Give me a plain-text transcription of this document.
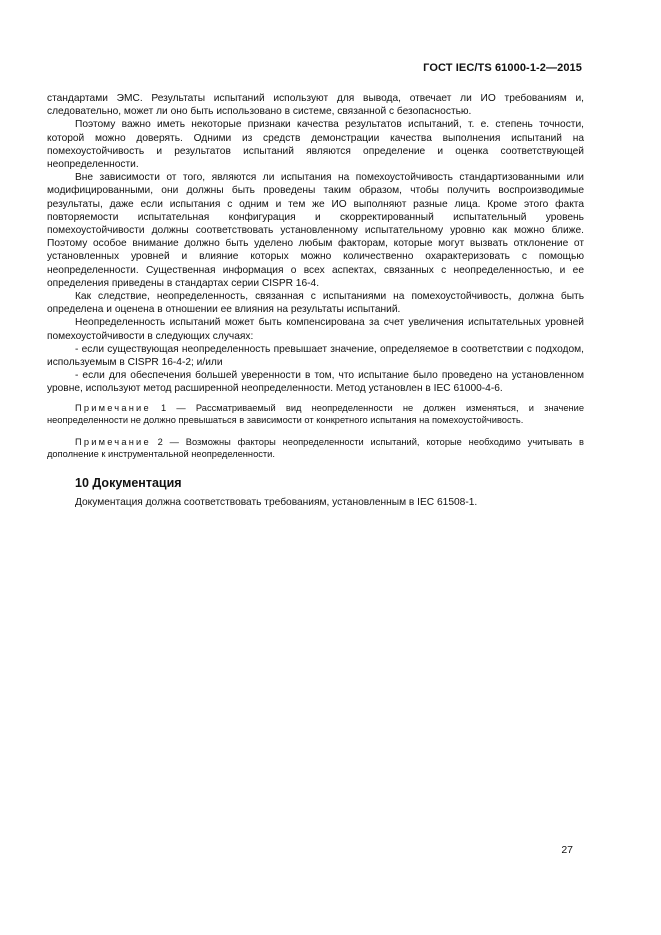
ГОСТ IEC/TS 61000-1-2—2015

стандартами ЭМС. Результаты испытаний используют для вывода, отвечает ли ИО требованиям и, следовательно, может ли оно быть использовано в системе, связанной с безопасностью.

Поэтому важно иметь некоторые признаки качества результатов испытаний, т. е. степень точности, которой можно доверять. Одними из средств демонстрации качества выполнения испытаний на помехоустойчивость и результатов испытаний являются определение и оценка соответствующей неопределенности.

Вне зависимости от того, являются ли испытания на помехоустойчивость стандартизованными или модифицированными, они должны быть проведены таким образом, чтобы получить воспроизводимые результаты, даже если испытания с одним и тем же ИО выполняют разные лица. Кроме этого факта повторяемости испытательная конфигурация и скорректированный испытательный уровень помехоустойчивости должны соответствовать установленному испытательному уровню как можно ближе. Поэтому особое внимание должно быть уделено любым факторам, которые могут вызвать отклонение от установленных уровней и влияние которых можно количественно охарактеризовать с помощью неопределенности. Существенная информация о всех аспектах, связанных с неопределенностью, и ее определения приведены в стандартах серии CISPR 16-4.

Как следствие, неопределенность, связанная с испытаниями на помехоустойчивость, должна быть определена и оценена в отношении ее влияния на результаты испытаний.

Неопределенность испытаний может быть компенсирована за счет увеличения испытательных уровней помехоустойчивости в следующих случаях:

- если существующая неопределенность превышает значение, определяемое в соответствии с подходом, используемым в CISPR 16-4-2; и/или

- если для обеспечения большей уверенности в том, что испытание было проведено на установленном уровне, используют метод расширенной неопределенности. Метод установлен в IEC 61000-4-6.

Примечание 1 — Рассматриваемый вид неопределенности не должен изменяться, и значение неопределенности не должно превышаться в зависимости от конкретного испытания на помехоустойчивость.

Примечание 2 — Возможны факторы неопределенности испытаний, которые необходимо учитывать в дополнение к инструментальной неопределенности.

10 Документация

Документация должна соответствовать требованиям, установленным в IEC 61508-1.

27
